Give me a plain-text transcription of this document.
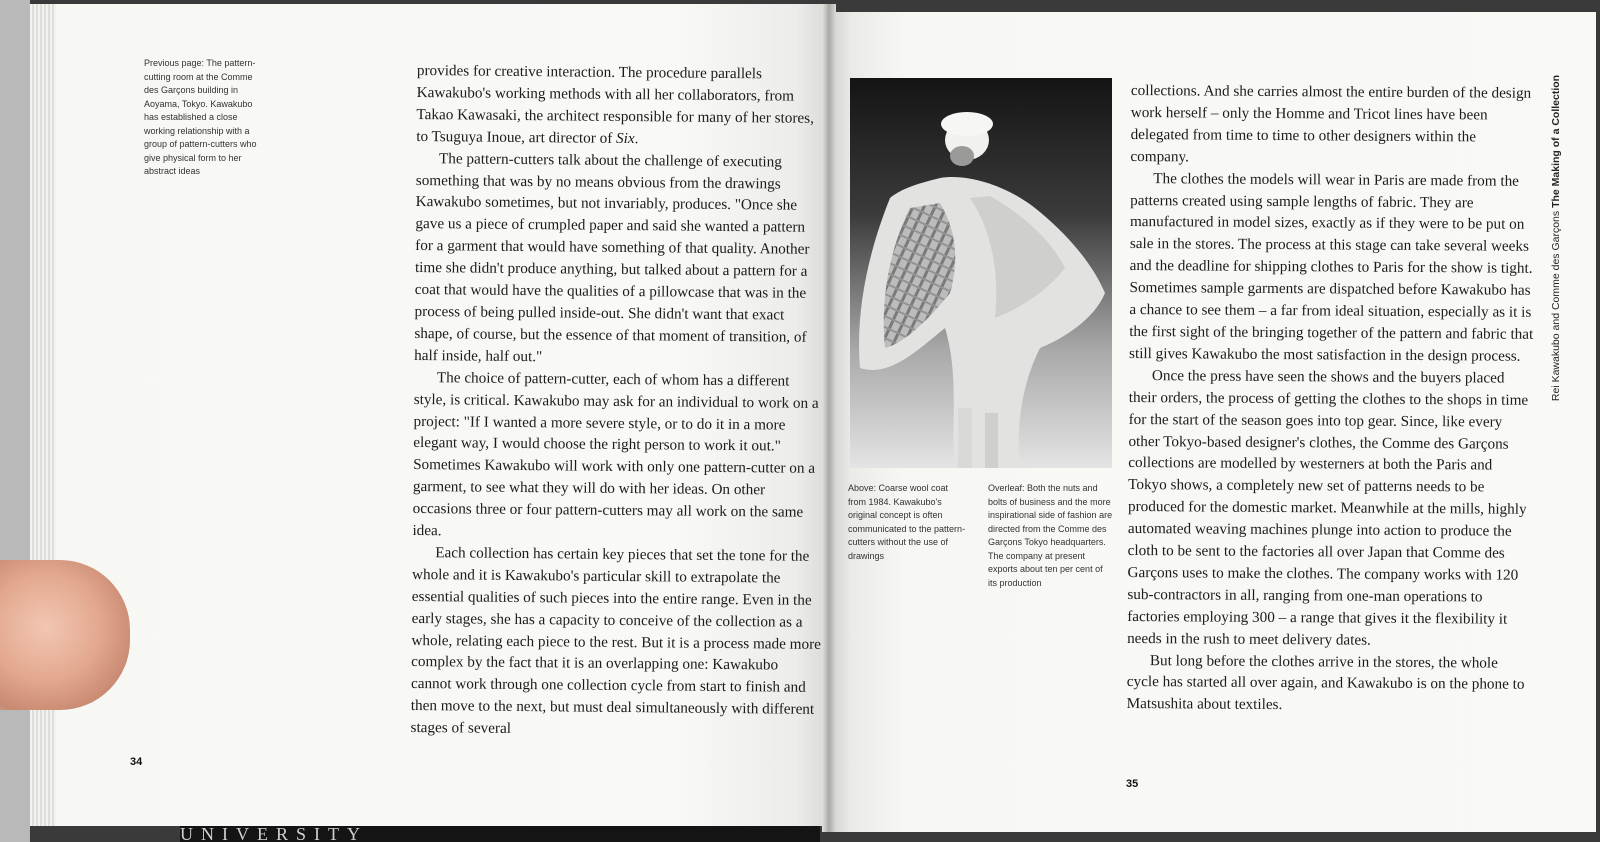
UNIVERSITY
Previous page: The pattern-cutting room at the Comme des Garçons building in Aoyama, Tokyo. Kawakubo has established a close working relationship with a group of pattern-cutters who give physical form to her abstract ideas

provides for creative interaction. The procedure parallels Kawakubo's working methods with all her collaborators, from Takao Kawasaki, the architect responsible for many of her stores, to Tsuguya Inoue, art director of Six.

The pattern-cutters talk about the challenge of executing something that was by no means obvious from the drawings Kawakubo sometimes, but not invariably, produces. "Once she gave us a piece of crumpled paper and said she wanted a pattern for a garment that would have something of that quality. Another time she didn't produce anything, but talked about a pattern for a coat that would have the qualities of a pillowcase that was in the process of being pulled inside-out. She didn't want that exact shape, of course, but the essence of that moment of transition, of half inside, half out."

The choice of pattern-cutter, each of whom has a different style, is critical. Kawakubo may ask for an individual to work on a project: "If I wanted a more severe style, or to do it in a more elegant way, I would choose the right person to work it out." Sometimes Kawakubo will work with only one pattern-cutter on a garment, to see what they will do with her ideas. On other occasions three or four pattern-cutters may all work on the same idea.

Each collection has certain key pieces that set the tone for the whole and it is Kawakubo's particular skill to extrapolate the essential qualities of such pieces into the entire range. Even in the early stages, she has a capacity to conceive of the collection as a whole, relating each piece to the rest. But it is a process made more complex by the fact that it is an overlapping one: Kawakubo cannot work through one collection cycle from start to finish and then move to the next, but must deal simultaneously with different stages of several

34
Above: Coarse wool coat from 1984. Kawakubo's original concept is often communicated to the pattern-cutters without the use of drawings
Overleaf: Both the nuts and bolts of business and the more inspirational side of fashion are directed from the Comme des Garçons Tokyo headquarters. The company at present exports about ten per cent of its production

collections. And she carries almost the entire burden of the design work herself – only the Homme and Tricot lines have been delegated from time to time to other designers within the company.

The clothes the models will wear in Paris are made from the patterns created using sample lengths of fabric. They are manufactured in model sizes, exactly as if they were to be put on sale in the stores. The process at this stage can take several weeks and the deadline for shipping clothes to Paris for the show is tight. Sometimes sample garments are dispatched before Kawakubo has a chance to see them – a far from ideal situation, especially as it is the first sight of the bringing together of the pattern and fabric that still gives Kawakubo the most satisfaction in the design process.

Once the press have seen the shows and the buyers placed their orders, the process of getting the clothes to the shops in time for the start of the season goes into top gear. Since, like every other Tokyo-based designer's clothes, the Comme des Garçons collections are modelled by westerners at both the Paris and Tokyo shows, a completely new set of patterns needs to be produced for the domestic market. Meanwhile at the mills, highly automated weaving machines plunge into action to produce the cloth to be sent to the factories all over Japan that Comme des Garçons uses to make the clothes. The company works with 120 sub-contractors in all, ranging from one-man operations to factories employing 300 – a range that gives it the flexibility it needs in the rush to meet delivery dates.

But long before the clothes arrive in the stores, the whole cycle has started all over again, and Kawakubo is on the phone to Matsushita about textiles.

Rei Kawakubo and Comme des Garçons The Making of a Collection
35
